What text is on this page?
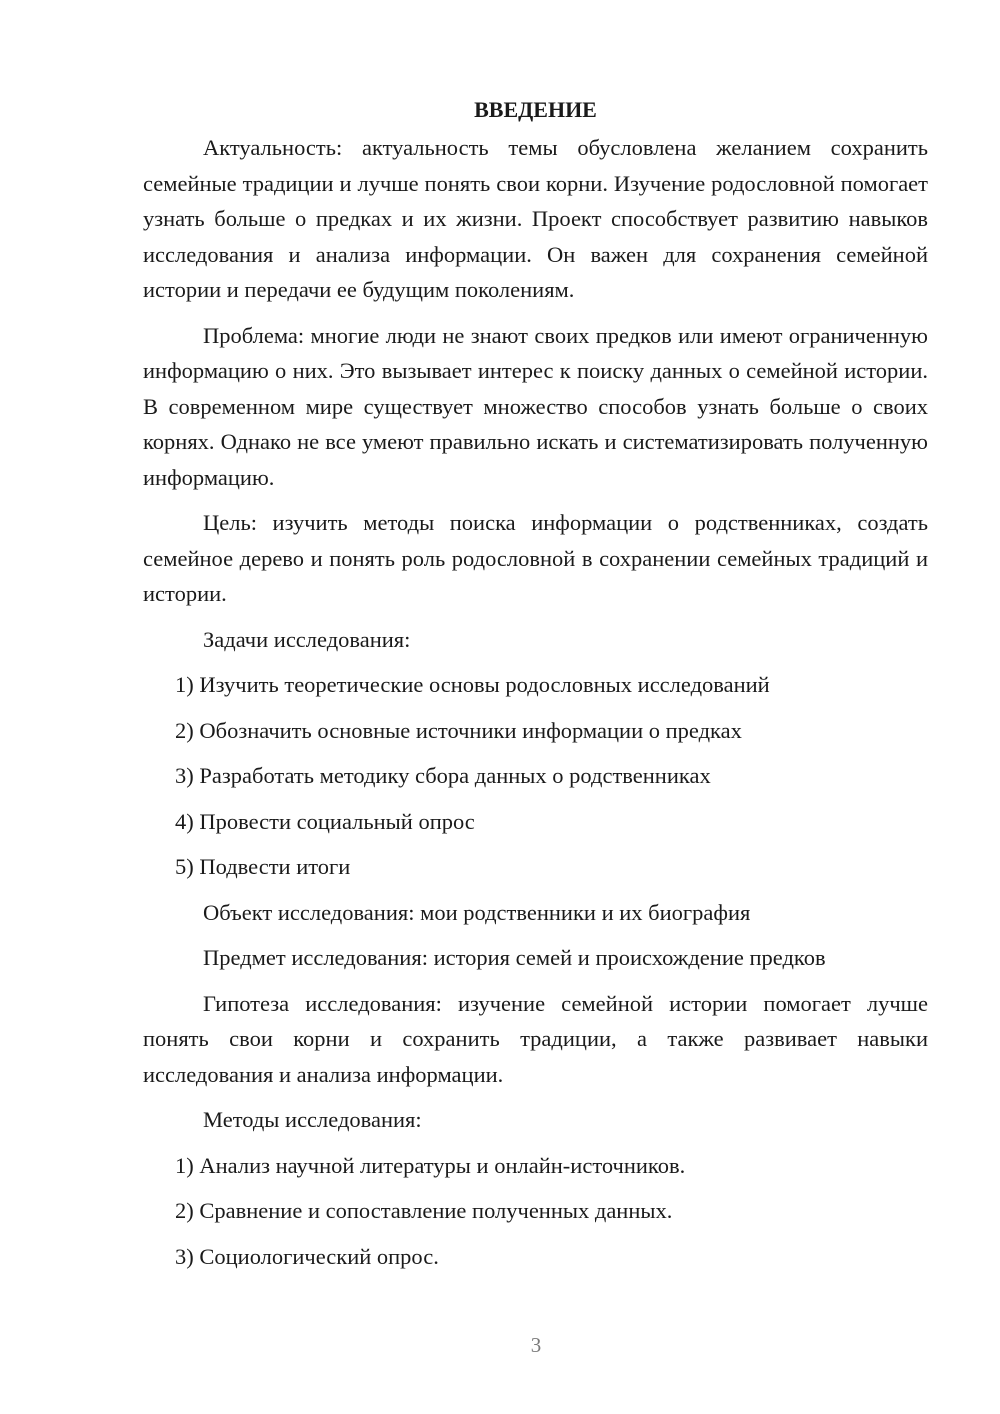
ВВЕДЕНИЕ

Актуальность: актуальность темы обусловлена желанием сохранить семейные традиции и лучше понять свои корни. Изучение родословной помогает узнать больше о предках и их жизни. Проект способствует развитию навыков исследования и анализа информации. Он важен для сохранения семейной истории и передачи ее будущим поколениям.

Проблема: многие люди не знают своих предков или имеют ограниченную информацию о них. Это вызывает интерес к поиску данных о семейной истории. В современном мире существует множество способов узнать больше о своих корнях. Однако не все умеют правильно искать и систематизировать полученную информацию.

Цель: изучить методы поиска информации о родственниках, создать семейное дерево и понять роль родословной в сохранении семейных традиций и истории.

Задачи исследования:

1) Изучить теоретические основы родословных исследований

2) Обозначить основные источники информации о предках

3) Разработать методику сбора данных о родственниках

4) Провести социальный опрос

5) Подвести итоги

Объект исследования: мои родственники и их биография

Предмет исследования: история семей и происхождение предков

Гипотеза исследования: изучение семейной истории помогает лучше понять свои корни и сохранить традиции, а также развивает навыки исследования и анализа информации.

Методы исследования:

1) Анализ научной литературы и онлайн-источников.

2) Сравнение и сопоставление полученных данных.

3) Социологический опрос.

3
